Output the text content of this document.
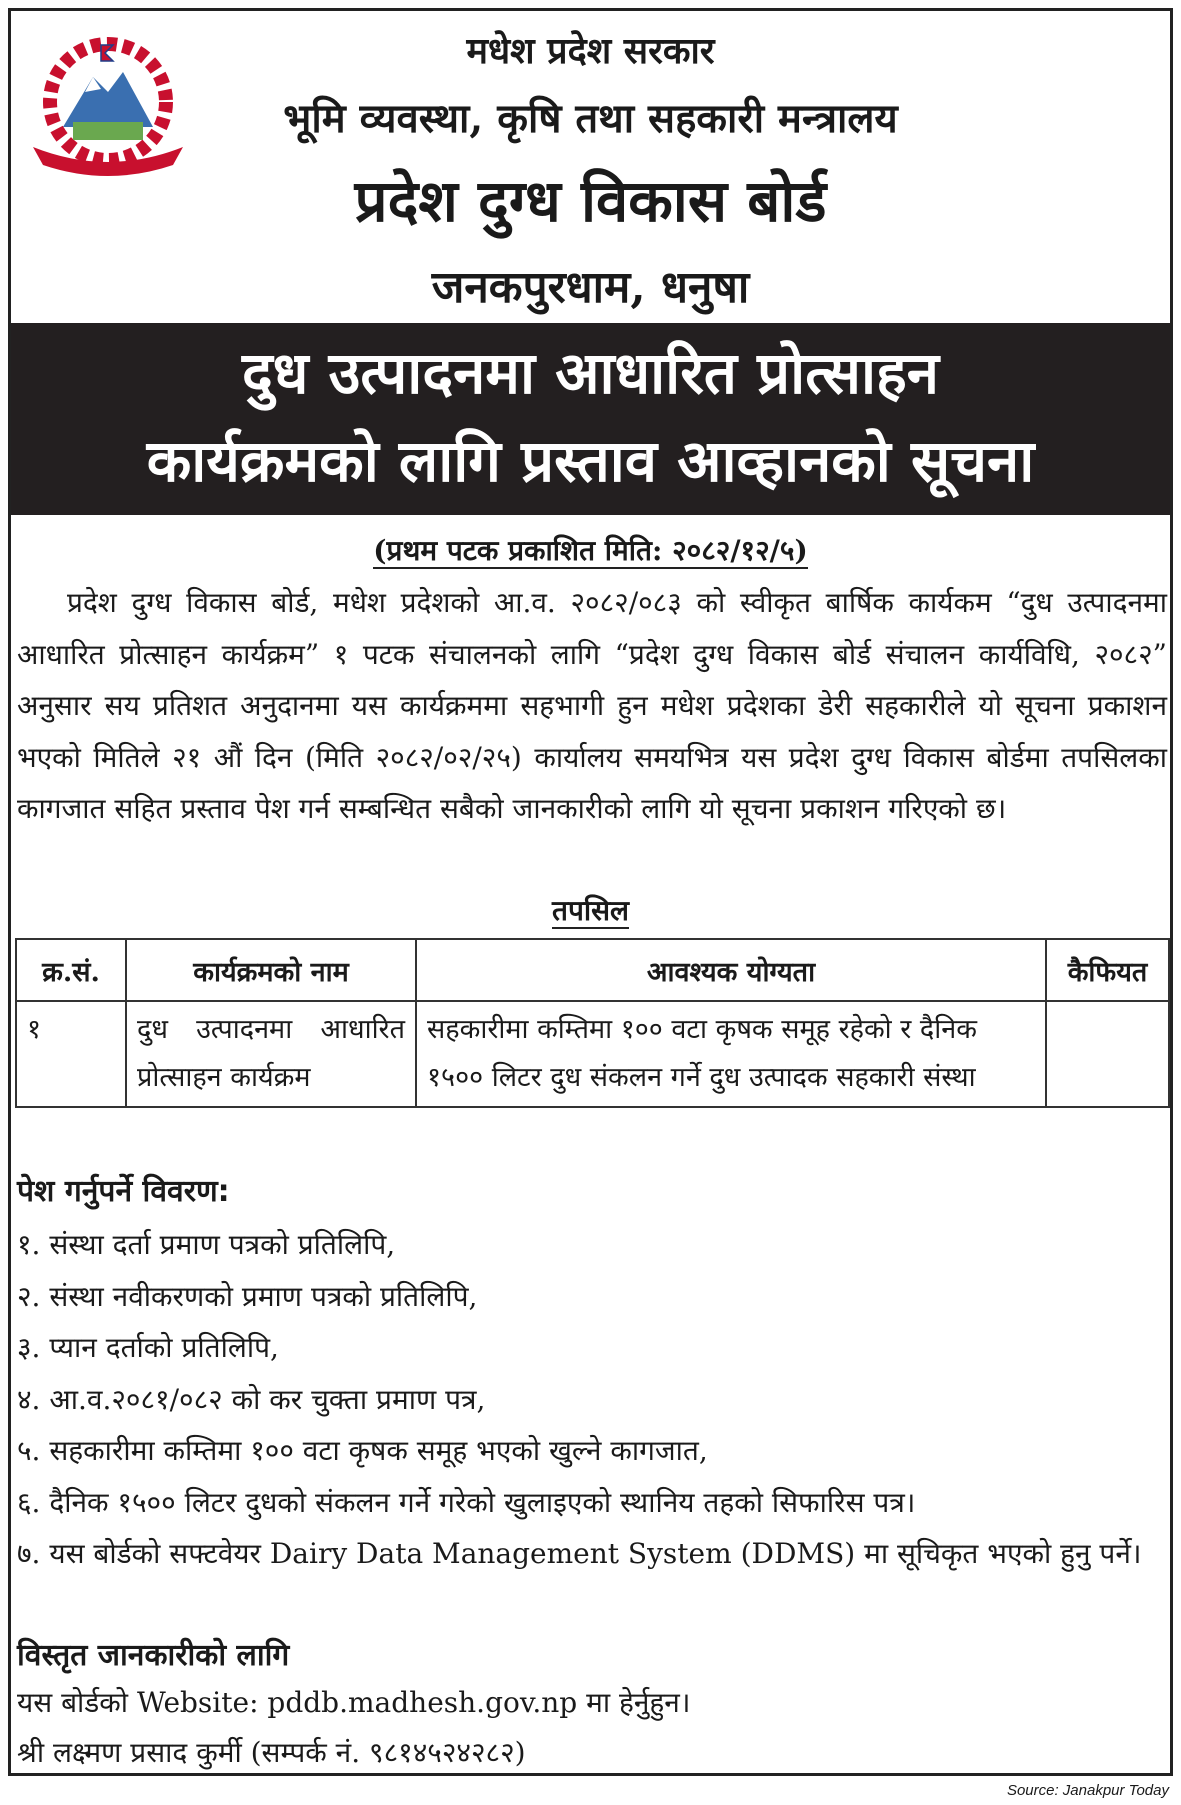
मधेश प्रदेश सरकार
भूमि व्यवस्था, कृषि तथा सहकारी मन्त्रालय
प्रदेश दुग्ध विकास बोर्ड
जनकपुरधाम, धनुषा
दुध उत्पादनमा आधारित प्रोत्साहन
कार्यक्रमको लागि प्रस्ताव आव्हानको सूचना
(प्रथम पटक प्रकाशित मिति: २०८२/१२/५)

प्रदेश दुग्ध विकास बोर्ड, मधेश प्रदेशको आ.व. २०८२/०८३ को स्वीकृत बार्षिक कार्यकम “दुध उत्पादनमा आधारित प्रोत्साहन कार्यक्रम” १ पटक संचालनको लागि “प्रदेश दुग्ध विकास बोर्ड संचालन कार्यविधि, २०८२” अनुसार सय प्रतिशत अनुदानमा यस कार्यक्रममा सहभागी हुन मधेश प्रदेशका डेरी सहकारीले यो सूचना प्रकाशन भएको मितिले २१ औं दिन (मिति २०८२/०२/२५) कार्यालय समयभित्र यस प्रदेश दुग्ध विकास बोर्डमा तपसिलका कागजात सहित प्रस्ताव पेश गर्न सम्बन्धित सबैको जानकारीको लागि यो सूचना प्रकाशन गरिएको छ।

तपसिल
क्र.सं.	कार्यक्रमको नाम	आवश्यक योग्यता	कैफियत
१	दुध उत्पादनमा आधारित प्रोत्साहन कार्यक्रम	सहकारीमा कम्तिमा १०० वटा कृषक समूह रहेको र दैनिक १५०० लिटर दुध संकलन गर्ने दुध उत्पादक सहकारी संस्था	
पेश गर्नुपर्ने विवरण:
१. संस्था दर्ता प्रमाण पत्रको प्रतिलिपि,
२. संस्था नवीकरणको प्रमाण पत्रको प्रतिलिपि,
३. प्यान दर्ताको प्रतिलिपि,
४. आ.व.२०८१/०८२ को कर चुक्ता प्रमाण पत्र,
५. सहकारीमा कम्तिमा १०० वटा कृषक समूह भएको खुल्ने कागजात,
६. दैनिक १५०० लिटर दुधको संकलन गर्ने गरेको खुलाइएको स्थानिय तहको सिफारिस पत्र।
७. यस बोर्डको सफ्टवेयर Dairy Data Management System (DDMS) मा सूचिकृत भएको हुनु पर्ने।
विस्तृत जानकारीको लागि
यस बोर्डको Website: pddb.madhesh.gov.np मा हेर्नुहुन।
श्री लक्ष्मण प्रसाद कुर्मी (सम्पर्क नं. ९८१४५२४२८२)
Source: Janakpur Today
